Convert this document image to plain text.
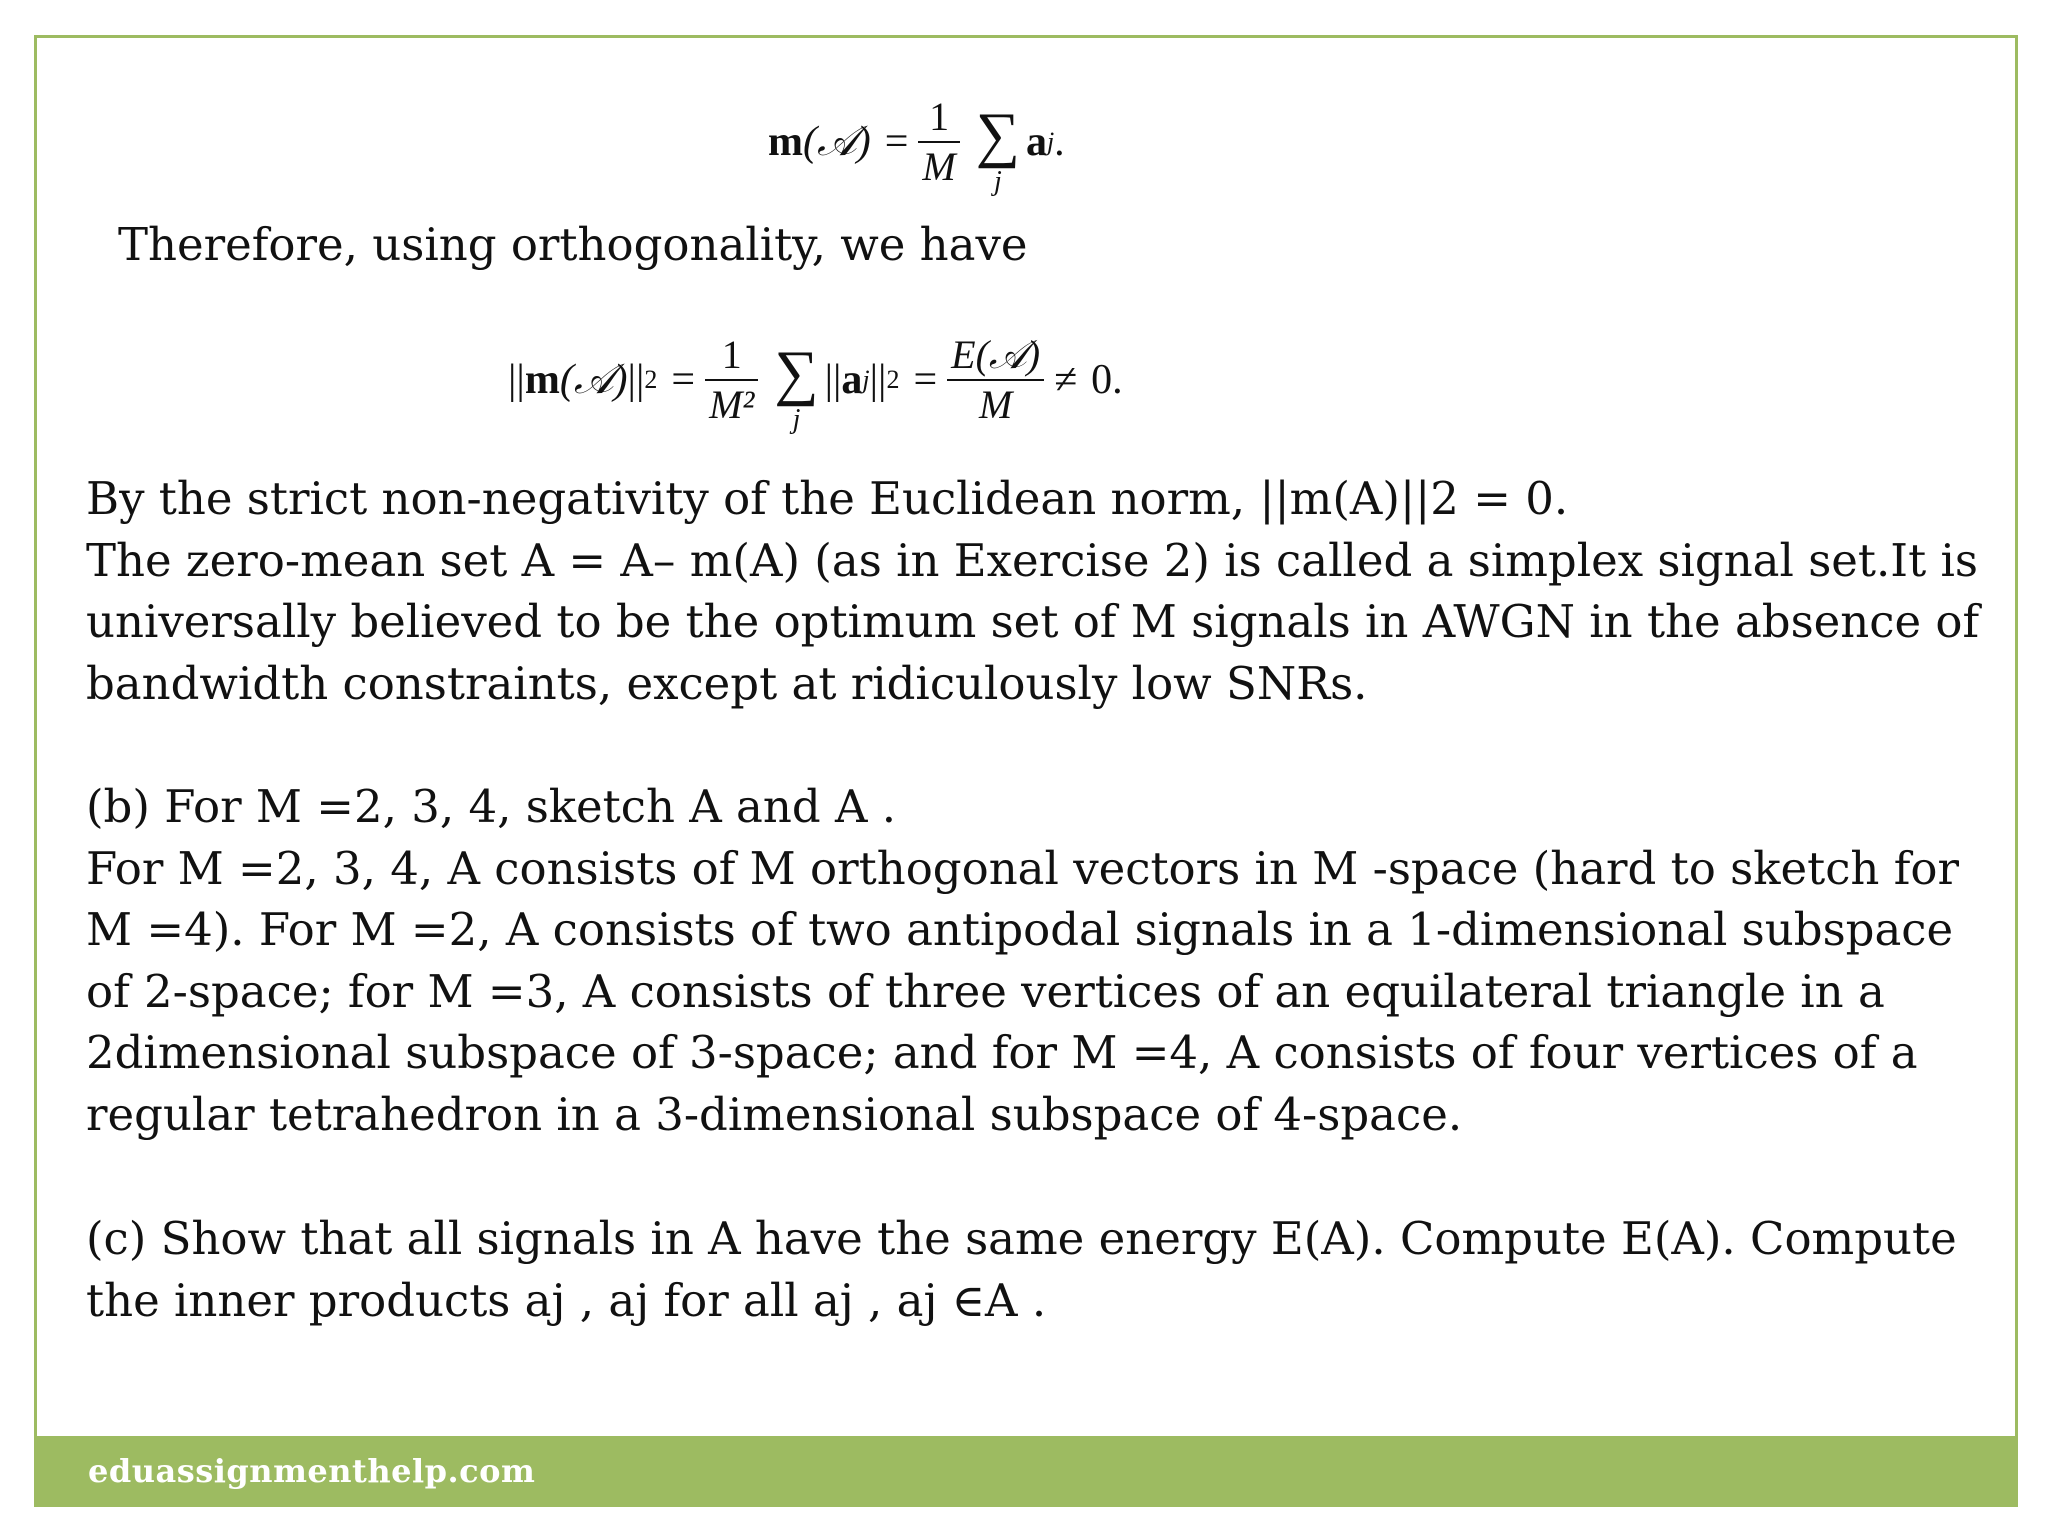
m (𝒜) = $\frac{1}{M}$ ∑
j
a j .
Therefore, using orthogonality, we have
|| m (𝒜) || $2 = \frac{1}{\text{M²}}$ ∑
j
|| a j || $2 = \frac{\text{E(𝒜)}}{M} \ne 0$.
By the strict non-negativity of the Euclidean norm, ||m(A)||2 = 0.
The zero-mean set A = A– m(A) (as in Exercise 2) is called a simplex signal set.It is
universally believed to be the optimum set of M signals in AWGN in the absence of
bandwidth constraints, except at ridiculously low SNRs.
(b) For M =2, 3, 4, sketch A and A .
For M =2, 3, 4, A consists of M orthogonal vectors in M -space (hard to sketch for
M =4). For M =2, A consists of two antipodal signals in a 1-dimensional subspace
of 2-space; for M =3, A consists of three vertices of an equilateral triangle in a
2dimensional subspace of 3-space; and for M =4, A consists of four vertices of a
regular tetrahedron in a 3-dimensional subspace of 4-space.
(c) Show that all signals in A have the same energy E(A). Compute E(A). Compute
the inner products aj , aj for all aj , aj ∈A .
eduassignmenthelp.com
